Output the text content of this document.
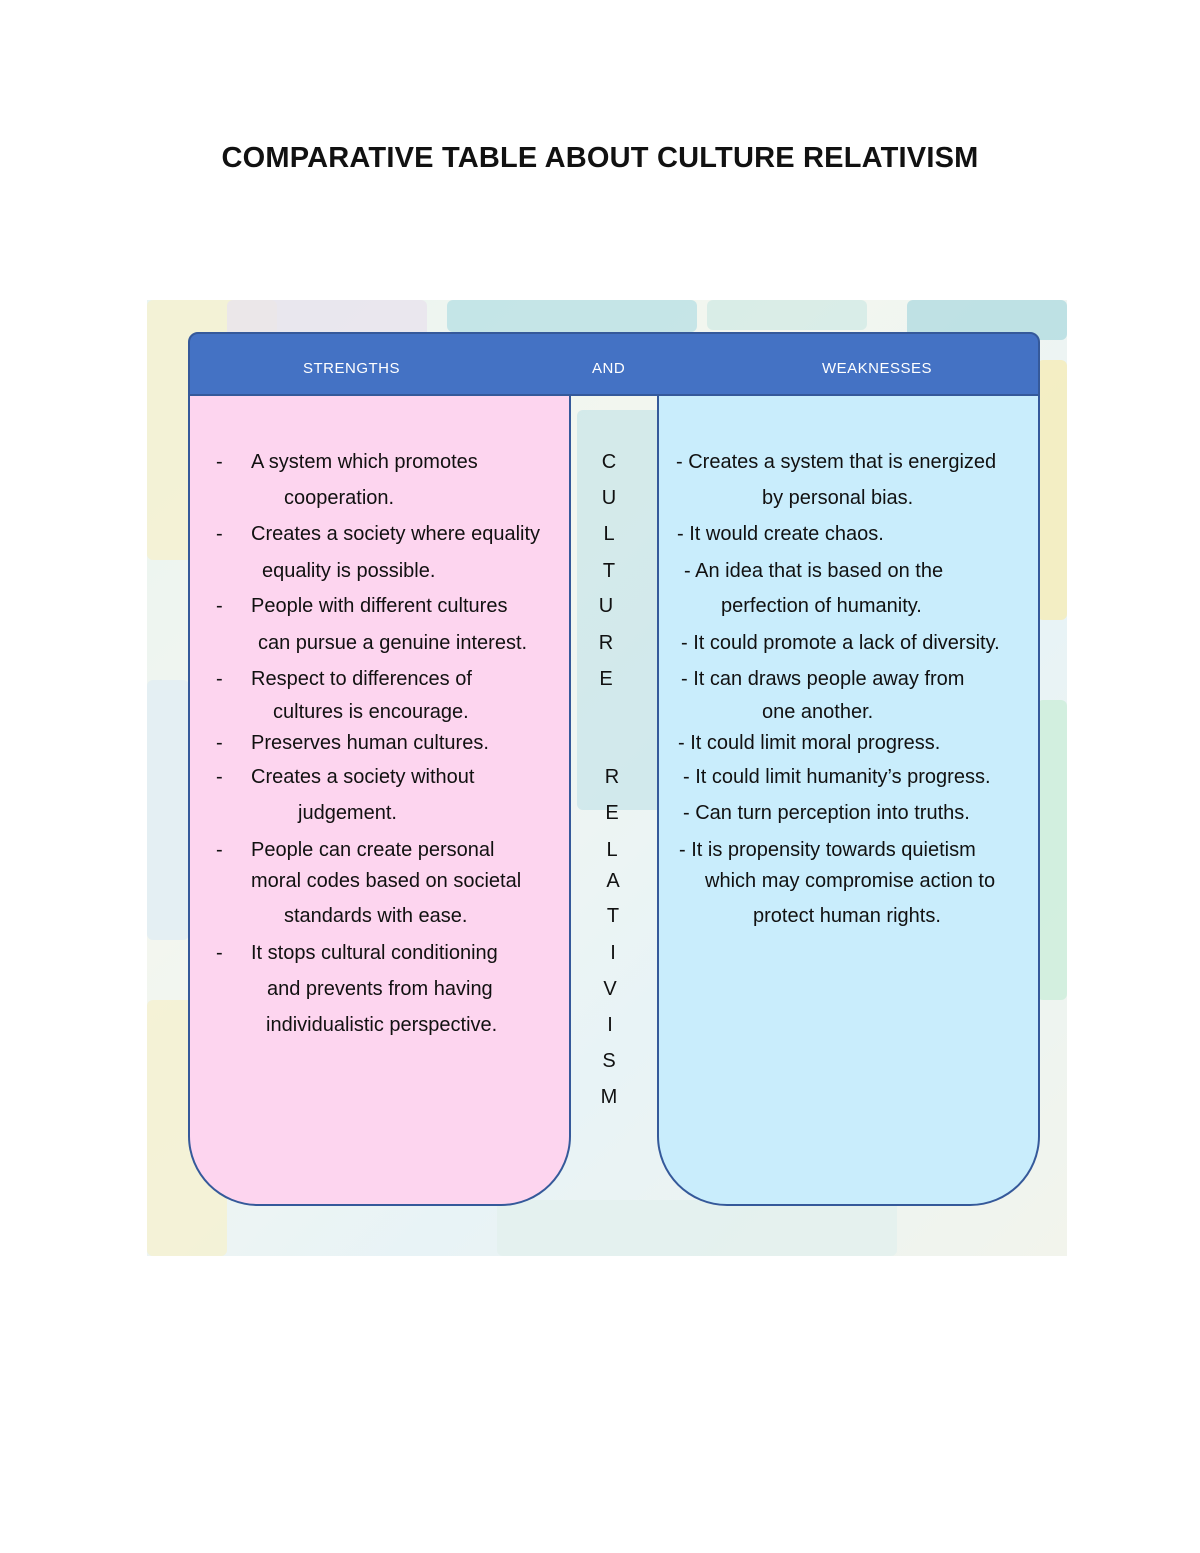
COMPARATIVE TABLE ABOUT CULTURE RELATIVISM
STRENGTHS	AND	WEAKNESSES
- A system which promotes
cooperation.
- Creates a society where equality
equality is possible.
- People with different cultures
can pursue a genuine interest.
- Respect to differences of
cultures is encourage.
- Preserves human cultures.
- Creates a society without
judgement.
- People can create personal
moral codes based on societal
standards with ease.
- It stops cultural conditioning
and prevents from having
individualistic perspective.
C
U
L
T
U
R
E
R
E
L
A
T
I
V
I
S
M
- Creates a system that is energized
by personal bias.
- It would create chaos.
- An idea that is based on the
perfection of humanity.
- It could promote a lack of diversity.
- It can draws people away from
one another.
- It could limit moral progress.
- It could limit humanity’s progress.
- Can turn perception into truths.
- It is propensity towards quietism
which may compromise action to
protect human rights.
